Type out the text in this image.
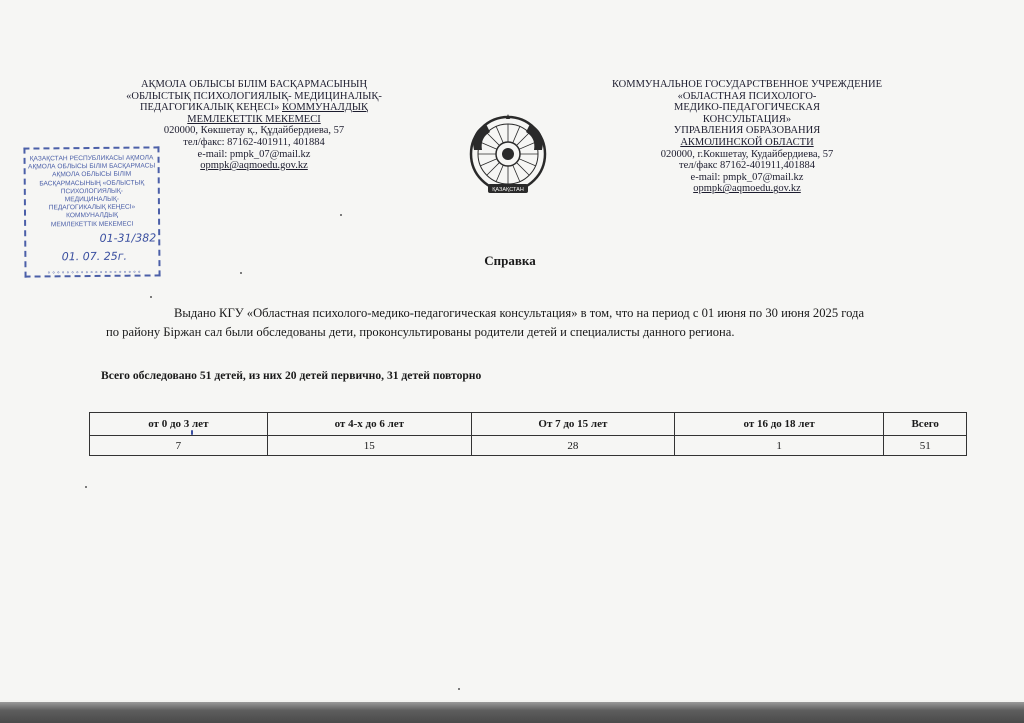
АҚМОЛА ОБЛЫСЫ БІЛІМ БАСҚАРМАСЫНЫҢ
«ОБЛЫСТЫҚ ПСИХОЛОГИЯЛЫҚ- МЕДИЦИНАЛЫҚ-
ПЕДАГОГИКАЛЫҚ КЕҢЕСІ» КОММУНАЛДЫҚ
МЕМЛЕКЕТТІК МЕКЕМЕСІ
020000, Көкшетау қ., Құдайбердиева, 57
тел/факс: 87162-401911, 401884
e-mail: pmpk_07@mail.kz
opmpk@aqmoedu.gov.kz
ҚАЗАҚСТАН
КОММУНАЛЬНОЕ ГОСУДАРСТВЕННОЕ УЧРЕЖДЕНИЕ
«ОБЛАСТНАЯ ПСИХОЛОГО-
МЕДИКО-ПЕДАГОГИЧЕСКАЯ
КОНСУЛЬТАЦИЯ»
УПРАВЛЕНИЯ ОБРАЗОВАНИЯ
АКМОЛИНСКОЙ ОБЛАСТИ
020000, г.Кокшетау, Кудайбердиева, 57
тел/факс 87162-401911,401884
e-mail: pmpk_07@mail.kz
opmpk@aqmoedu.gov.kz
ҚАЗАҚСТАН РЕСПУБЛИКАСЫ АҚМОЛА
АҚМОЛА ОБЛЫСЫ БІЛІМ БАСҚАРМАСЫ
АҚМОЛА ОБЛЫСЫ БІЛІМ
БАСҚАРМАСЫНЫҢ «ОБЛЫСТЫҚ
ПСИХОЛОГИЯЛЫҚ-
МЕДИЦИНАЛЫҚ-
ПЕДАГОГИКАЛЫҚ КЕҢЕСІ»
КОММУНАЛДЫҚ
МЕМЛЕКЕТТІК МЕКЕМЕСІ
01-31/382
01. 07. 25г.
∘∘∘∘∘∘∘∘∘∘∘∘∘∘∘∘∘∘∘∘
Справка
Выдано КГУ «Областная психолого-медико-педагогическая консультация» в том, что на период с 01 июня по 30 июня 2025 года
по району Біржан сал были обследованы дети, проконсультированы родители детей и специалисты данного региона.
Всего обследовано 51 детей, из них 20 детей первично, 31 детей повторно
от 0 до 3 лет	от 4-х до 6 лет	От 7 до 15 лет	от 16 до 18 лет	Всего
7	15	28	1	51
